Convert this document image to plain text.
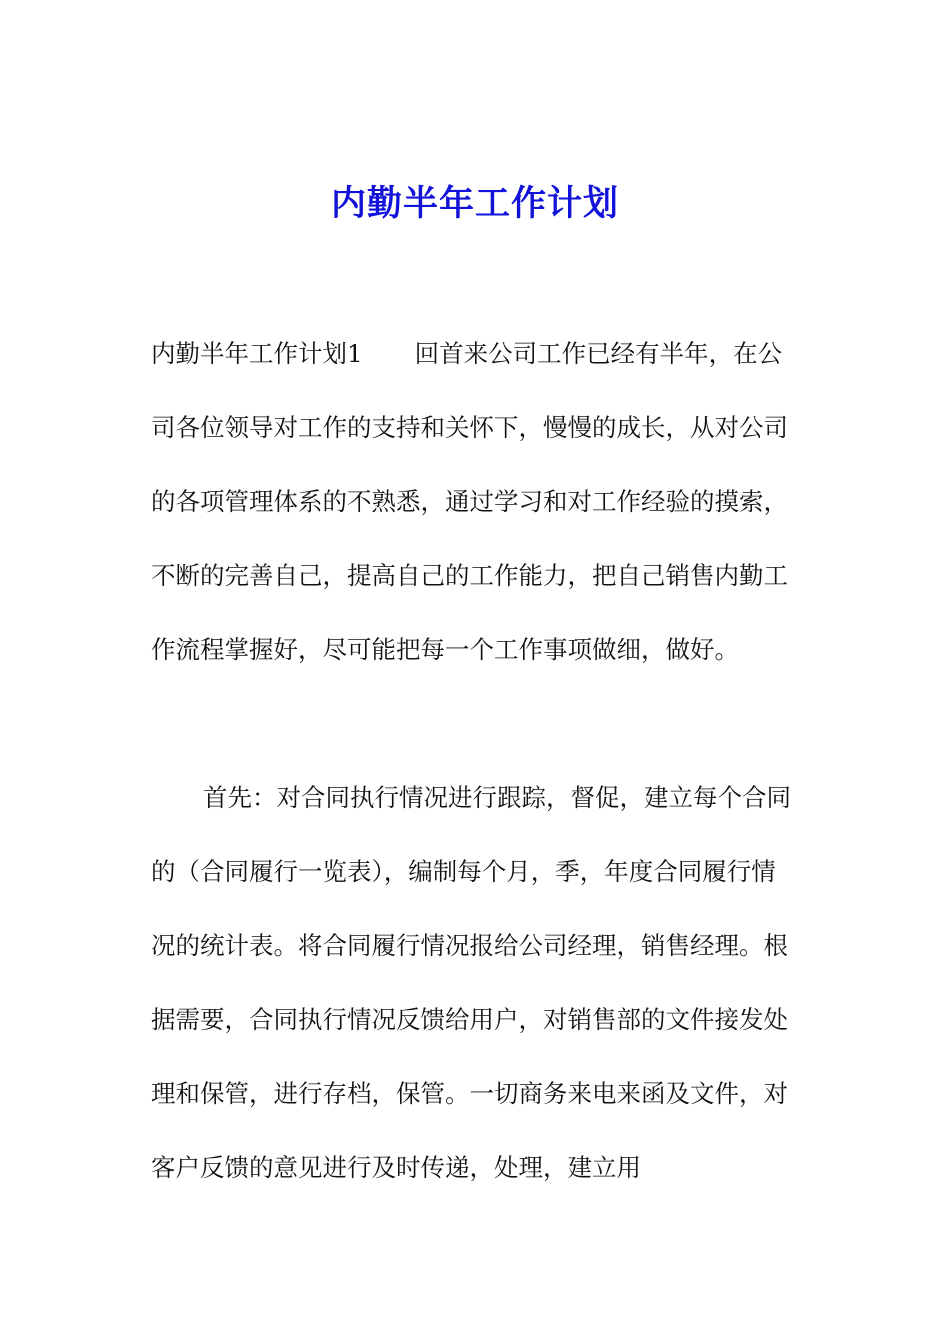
内勤半年工作计划

内勤半年工作计划1 回首来公司工作已经有半年，在公司各位领导对工作的支持和关怀下，慢慢的成长，从对公司的各项管理体系的不熟悉，通过学习和对工作经验的摸索，不断的完善自己，提高自己的工作能力，把自己销售内勤工作流程掌握好，尽可能把每一个工作事项做细，做好。

首先：对合同执行情况进行跟踪，督促，建立每个合同的（合同履行一览表），编制每个月，季，年度合同履行情况的统计表。将合同履行情况报给公司经理，销售经理。根据需要，合同执行情况反馈给用户，对销售部的文件接发处理和保管，进行存档，保管。一切商务来电来函及文件，对客户反馈的意见进行及时传递，处理，建立用
